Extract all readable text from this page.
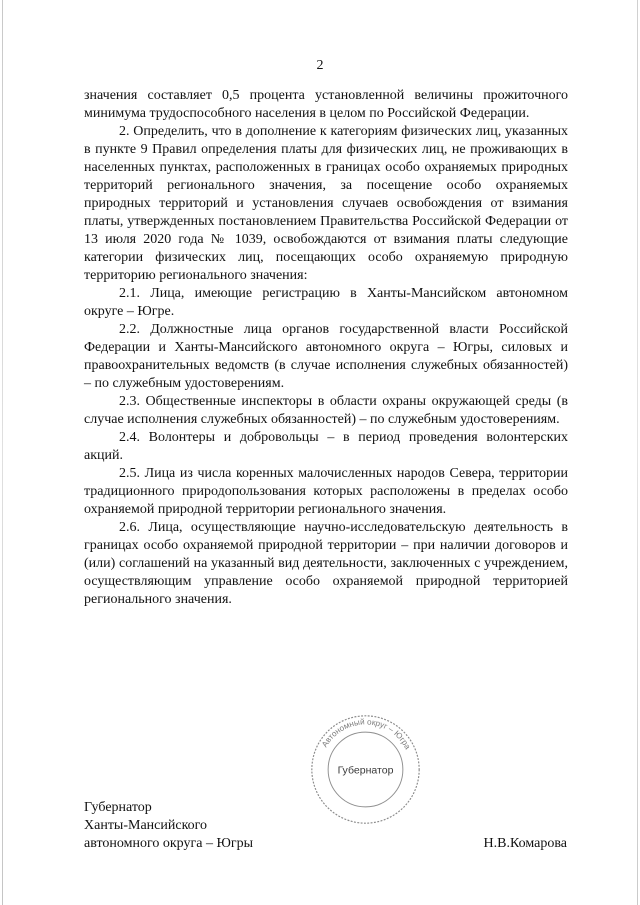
2

значения составляет 0,5 процента установленной величины прожиточного минимума трудоспособного населения в целом по Российской Федерации.

2. Определить, что в дополнение к категориям физических лиц, указанных в пункте 9 Правил определения платы для физических лиц, не проживающих в населенных пунктах, расположенных в границах особо охраняемых природных территорий регионального значения, за посещение особо охраняемых природных территорий и установления случаев освобождения от взимания платы, утвержденных постановлением Правительства Российской Федерации от 13 июля 2020 года № 1039, освобождаются от взимания платы следующие категории физических лиц, посещающих особо охраняемую природную территорию регионального значения:

2.1. Лица, имеющие регистрацию в Ханты-Мансийском автономном округе – Югре.

2.2. Должностные лица органов государственной власти Российской Федерации и Ханты-Мансийского автономного округа – Югры, силовых и правоохранительных ведомств (в случае исполнения служебных обязанностей) – по служебным удостоверениям.

2.3. Общественные инспекторы в области охраны окружающей среды (в случае исполнения служебных обязанностей) – по служебным удостоверениям.

2.4. Волонтеры и добровольцы – в период проведения волонтерских акций.

2.5. Лица из числа коренных малочисленных народов Севера, территории традиционного природопользования которых расположены в пределах особо охраняемой природной территории регионального значения.

2.6. Лица, осуществляющие научно-исследовательскую деятельность в границах особо охраняемой природной территории – при наличии договоров и (или) соглашений на указанный вид деятельности, заключенных с учреждением, осуществляющим управление особо охраняемой природной территорией регионального значения.

Губернатор
Ханты-Мансийского
автономного округа – Югры
Автономный округ – Югра
Губернатор
Н.В.Комарова
